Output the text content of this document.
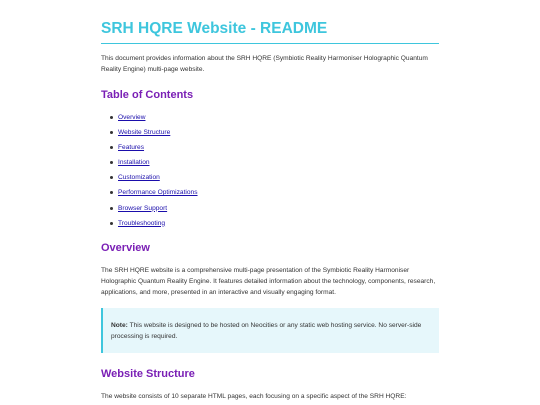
SRH HQRE Website - README

This document provides information about the SRH HQRE (Symbiotic Reality Harmoniser Holographic Quantum Reality Engine) multi-page website.

Table of Contents
Overview
Website Structure
Features
Installation
Customization
Performance Optimizations
Browser Support
Troubleshooting
Overview

The SRH HQRE website is a comprehensive multi-page presentation of the Symbiotic Reality Harmoniser Holographic Quantum Reality Engine. It features detailed information about the technology, components, research, applications, and more, presented in an interactive and visually engaging format.

Note: This website is designed to be hosted on Neocities or any static web hosting service. No server-side processing is required.

Website Structure

The website consists of 10 separate HTML pages, each focusing on a specific aspect of the SRH HQRE:
